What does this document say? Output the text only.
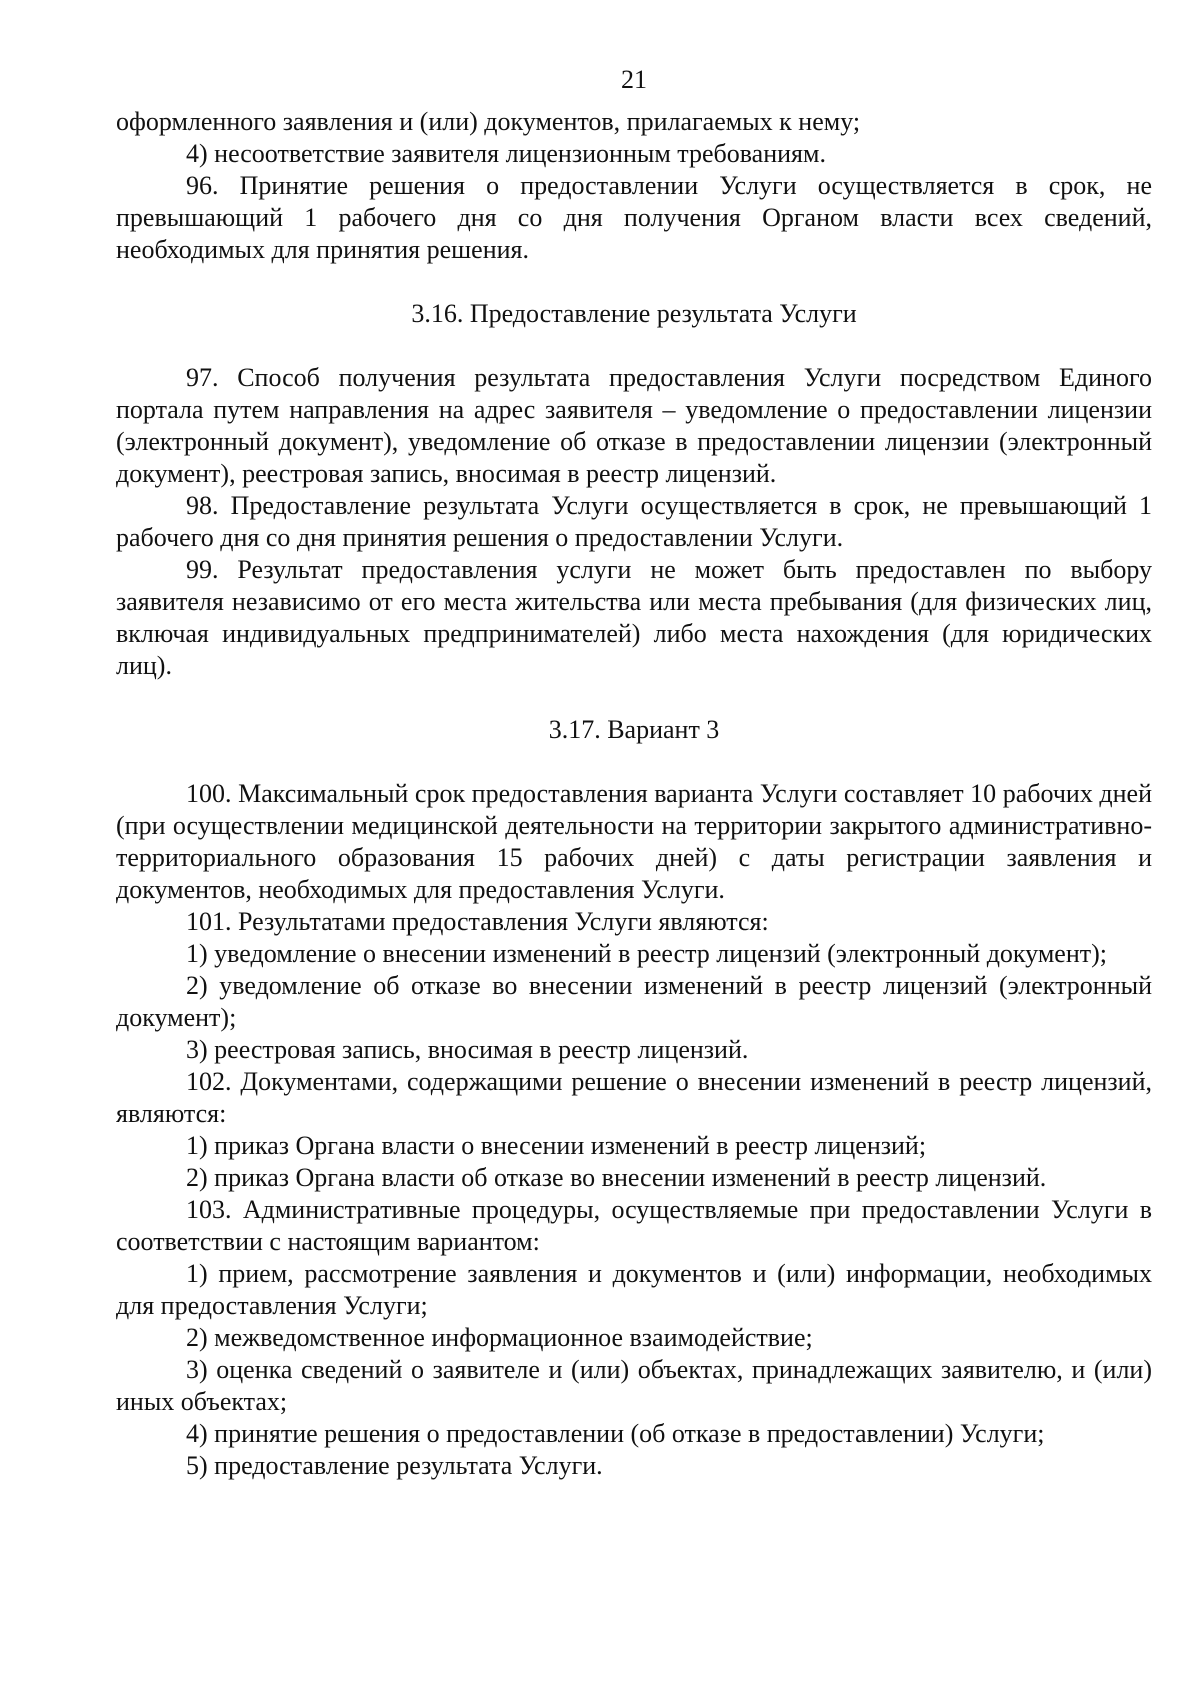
21

оформленного заявления и (или) документов, прилагаемых к нему;

4) несоответствие заявителя лицензионным требованиям.

96. Принятие решения о предоставлении Услуги осуществляется в срок, не превышающий 1 рабочего дня со дня получения Органом власти всех сведений, необходимых для принятия решения.

3.16. Предоставление результата Услуги

97. Способ получения результата предоставления Услуги посредством Единого портала путем направления на адрес заявителя – уведомление о предоставлении лицензии (электронный документ), уведомление об отказе в предоставлении лицензии (электронный документ), реестровая запись, вносимая в реестр лицензий.

98. Предоставление результата Услуги осуществляется в срок, не превышающий 1 рабочего дня со дня принятия решения о предоставлении Услуги.

99. Результат предоставления услуги не может быть предоставлен по выбору заявителя независимо от его места жительства или места пребывания (для физических лиц, включая индивидуальных предпринимателей) либо места нахождения (для юридических лиц).

3.17. Вариант 3

100. Максимальный срок предоставления варианта Услуги составляет 10 рабочих дней (при осуществлении медицинской деятельности на территории закрытого административно-территориального образования 15 рабочих дней) с даты регистрации заявления и документов, необходимых для предоставления Услуги.

101. Результатами предоставления Услуги являются:

1) уведомление о внесении изменений в реестр лицензий (электронный документ);

2) уведомление об отказе во внесении изменений в реестр лицензий (электронный документ);

3) реестровая запись, вносимая в реестр лицензий.

102. Документами, содержащими решение о внесении изменений в реестр лицензий, являются:

1) приказ Органа власти о внесении изменений в реестр лицензий;

2) приказ Органа власти об отказе во внесении изменений в реестр лицензий.

103. Административные процедуры, осуществляемые при предоставлении Услуги в соответствии с настоящим вариантом:

1) прием, рассмотрение заявления и документов и (или) информации, необходимых для предоставления Услуги;

2) межведомственное информационное взаимодействие;

3) оценка сведений о заявителе и (или) объектах, принадлежащих заявителю, и (или) иных объектах;

4) принятие решения о предоставлении (об отказе в предоставлении) Услуги;

5) предоставление результата Услуги.
